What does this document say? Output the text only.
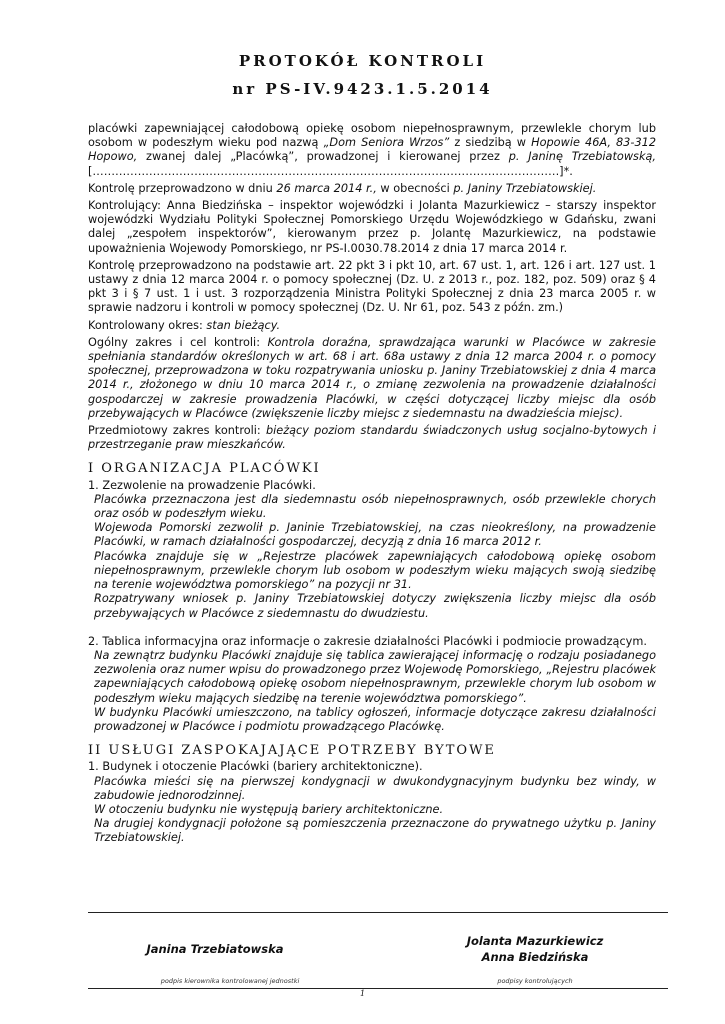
PROTOKÓŁ KONTROLI
nr PS-IV.9423.1.5.2014

placówki zapewniającej całodobową opiekę osobom niepełnosprawnym, przewlekle chorym lub osobom w podeszłym wieku pod nazwą „Dom Seniora Wrzos” z siedzibą w Hopowie 46A, 83-312 Hopowo, zwanej dalej „Placówką”, prowadzonej i kierowanej przez p. Janinę Trzebiatowską, […………………………………………………………………………………………………………….]*.

Kontrolę przeprowadzono w dniu 26 marca 2014 r., w obecności p. Janiny Trzebiatowskiej.

Kontrolujący: Anna Biedzińska – inspektor wojewódzki i Jolanta Mazurkiewicz – starszy inspektor wojewódzki Wydziału Polityki Społecznej Pomorskiego Urzędu Wojewódzkiego w Gdańsku, zwani dalej „zespołem inspektorów”, kierowanym przez p. Jolantę Mazurkiewicz, na podstawie upoważnienia Wojewody Pomorskiego, nr PS-I.0030.78.2014 z dnia 17 marca 2014 r.

Kontrolę przeprowadzono na podstawie art. 22 pkt 3 i pkt 10, art. 67 ust. 1, art. 126 i art. 127 ust. 1 ustawy z dnia 12 marca 2004 r. o pomocy społecznej (Dz. U. z 2013 r., poz. 182, poz. 509) oraz § 4 pkt 3 i § 7 ust. 1 i ust. 3 rozporządzenia Ministra Polityki Społecznej z dnia 23 marca 2005 r. w sprawie nadzoru i kontroli w pomocy społecznej (Dz. U. Nr 61, poz. 543 z późn. zm.)

Kontrolowany okres: stan bieżący.

Ogólny zakres i cel kontroli: Kontrola doraźna, sprawdzająca warunki w Placówce w zakresie spełniania standardów określonych w art. 68 i art. 68a ustawy z dnia 12 marca 2004 r. o pomocy społecznej, przeprowadzona w toku rozpatrywania uniosku p. Janiny Trzebiatowskiej z dnia 4 marca 2014 r., złożonego w dniu 10 marca 2014 r., o zmianę zezwolenia na prowadzenie działalności gospodarczej w zakresie prowadzenia Placówki, w części dotyczącej liczby miejsc dla osób przebywających w Placówce (zwiększenie liczby miejsc z siedemnastu na dwadzieścia miejsc).

Przedmiotowy zakres kontroli: bieżący poziom standardu świadczonych usług socjalno-bytowych i przestrzeganie praw mieszkańców.

I ORGANIZACJA PLACÓWKI

1. Zezwolenie na prowadzenie Placówki.

Placówka przeznaczona jest dla siedemnastu osób niepełnosprawnych, osób przewlekle chorych oraz osób w podeszłym wieku.

Wojewoda Pomorski zezwolił p. Janinie Trzebiatowskiej, na czas nieokreślony, na prowadzenie Placówki, w ramach działalności gospodarczej, decyzją z dnia 16 marca 2012 r.

Placówka znajduje się w „Rejestrze placówek zapewniających całodobową opiekę osobom niepełnosprawnym, przewlekle chorym lub osobom w podeszłym wieku mających swoją siedzibę na terenie województwa pomorskiego” na pozycji nr 31.

Rozpatrywany wniosek p. Janiny Trzebiatowskiej dotyczy zwiększenia liczby miejsc dla osób przebywających w Placówce z siedemnastu do dwudziestu.

2. Tablica informacyjna oraz informacje o zakresie działalności Placówki i podmiocie prowadzącym.

Na zewnątrz budynku Placówki znajduje się tablica zawierającej informację o rodzaju posiadanego zezwolenia oraz numer wpisu do prowadzonego przez Wojewodę Pomorskiego, „Rejestru placówek zapewniających całodobową opiekę osobom niepełnosprawnym, przewlekle chorym lub osobom w podeszłym wieku mających siedzibę na terenie województwa pomorskiego”.

W budynku Placówki umieszczono, na tablicy ogłoszeń, informacje dotyczące zakresu działalności prowadzonej w Placówce i podmiotu prowadzącego Placówkę.

II USŁUGI ZASPOKAJAJĄCE POTRZEBY BYTOWE

1. Budynek i otoczenie Placówki (bariery architektoniczne).

Placówka mieści się na pierwszej kondygnacji w dwukondygnacyjnym budynku bez windy, w zabudowie jednorodzinnej.

W otoczeniu budynku nie występują bariery architektoniczne.

Na drugiej kondygnacji położone są pomieszczenia przeznaczone do prywatnego użytku p. Janiny Trzebiatowskiej.

Janina Trzebiatowska
Jolanta Mazurkiewicz
Anna Biedzińska
podpis kierownika kontrolowanej jednostki	podpisy kontrolujących
1
